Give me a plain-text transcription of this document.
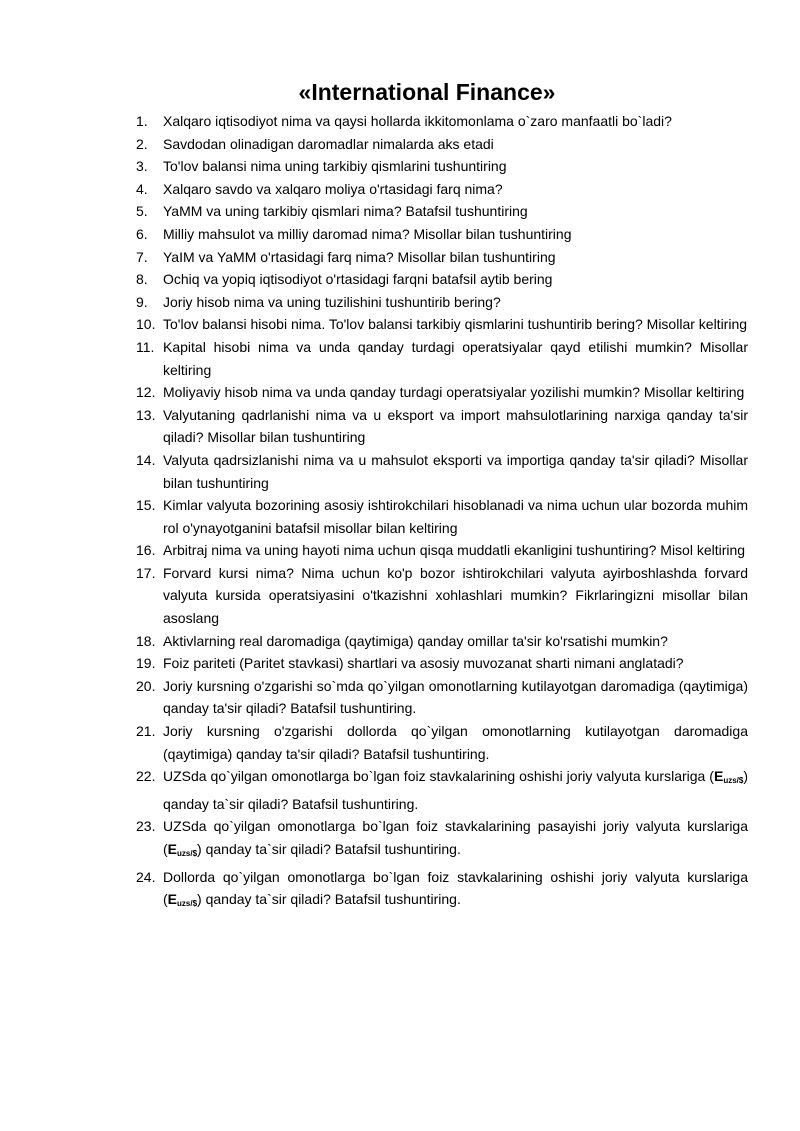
«International Finance»
1.	Xalqaro iqtisodiyot nima va qaysi hollarda ikkitomonlama o`zaro manfaatli bo`ladi?
2.	Savdodan olinadigan daromadlar nimalarda aks etadi
3.	To'lov balansi nima uning tarkibiy qismlarini tushuntiring
4.	Xalqaro savdo va xalqaro moliya o'rtasidagi farq nima?
5.	YaMM va uning tarkibiy qismlari nima? Batafsil tushuntiring
6.	Milliy mahsulot va milliy daromad nima? Misollar bilan tushuntiring
7.	YaIM va YaMM o'rtasidagi farq nima? Misollar bilan tushuntiring
8.	Ochiq va yopiq iqtisodiyot o'rtasidagi farqni batafsil aytib bering
9.	Joriy hisob nima va uning tuzilishini tushuntirib bering?
10. To'lov balansi hisobi nima. To'lov balansi tarkibiy qismlarini tushuntirib bering? Misollar keltiring
11. Kapital hisobi nima va unda qanday turdagi operatsiyalar qayd etilishi mumkin? Misollar keltiring
12. Moliyaviy hisob nima va unda qanday turdagi operatsiyalar yozilishi mumkin? Misollar keltiring
13. Valyutaning qadrlanishi nima va u eksport va import mahsulotlarining narxiga qanday ta'sir qiladi? Misollar bilan tushuntiring
14. Valyuta qadrsizlanishi nima va u mahsulot eksporti va importiga qanday ta'sir qiladi? Misollar bilan tushuntiring
15. Kimlar valyuta bozorining asosiy ishtirokchilari hisoblanadi va nima uchun ular bozorda muhim rol o'ynayotganini batafsil misollar bilan keltiring
16. Arbitraj nima va uning hayoti nima uchun qisqa muddatli ekanligini tushuntiring? Misol keltiring
17. Forvard kursi nima? Nima uchun ko'p bozor ishtirokchilari valyuta ayirboshlashda forvard valyuta kursida operatsiyasini o'tkazishni xohlashlari mumkin? Fikrlaringizni misollar bilan asoslang
18. Aktivlarning real daromadiga (qaytimiga) qanday omillar ta'sir ko'rsatishi mumkin?
19. Foiz pariteti (Paritet stavkasi) shartlari va asosiy muvozanat sharti nimani anglatadi?
20. Joriy kursning o'zgarishi so`mda qo`yilgan omonotlarning kutilayotgan daromadiga (qaytimiga) qanday ta'sir qiladi? Batafsil tushuntiring.
21. Joriy kursning o'zgarishi dollorda qo`yilgan omonotlarning kutilayotgan daromadiga (qaytimiga) qanday ta'sir qiladi? Batafsil tushuntiring.
22. UZSda qo`yilgan omonotlarga bo`lgan foiz stavkalarining oshishi joriy valyuta kurslariga (Euzs/$) qanday ta`sir qiladi? Batafsil tushuntiring.
23. UZSda qo`yilgan omonotlarga bo`lgan foiz stavkalarining pasayishi joriy valyuta kurslariga (Euzs/$) qanday ta`sir qiladi? Batafsil tushuntiring.
24. Dollorda qo`yilgan omonotlarga bo`lgan foiz stavkalarining oshishi joriy valyuta kurslariga (Euzs/$) qanday ta`sir qiladi? Batafsil tushuntiring.
